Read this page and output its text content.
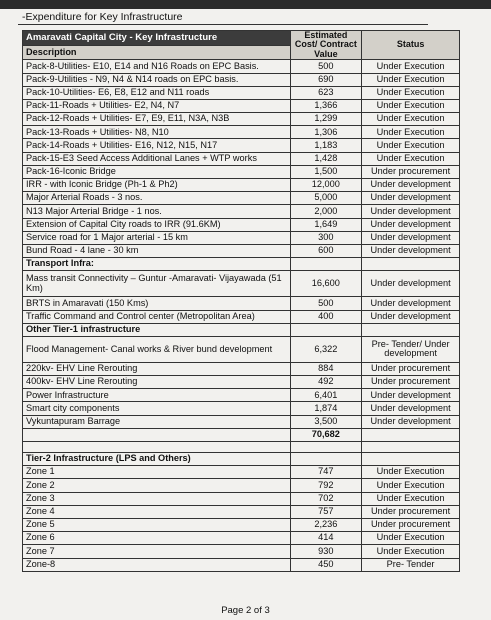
-Expenditure for Key Infrastructure
Amaravati Capital City - Key Infrastructure	Estimated Cost/ Contract Value	Status
Description		
Pack-8-Utilities- E10, E14 and N16 Roads on EPC Basis.	500	Under Execution
Pack-9-Utilities - N9, N4 & N14 roads on EPC basis.	690	Under Execution
Pack-10-Utilities- E6, E8, E12 and N11 roads	623	Under Execution
Pack-11-Roads + Utilities- E2, N4, N7	1,366	Under Execution
Pack-12-Roads + Utilities- E7, E9, E11, N3A, N3B	1,299	Under Execution
Pack-13-Roads + Utilities- N8, N10	1,306	Under Execution
Pack-14-Roads + Utilities- E16, N12, N15, N17	1,183	Under Execution
Pack-15-E3 Seed Access Additional Lanes + WTP works	1,428	Under Execution
Pack-16-Iconic Bridge	1,500	Under procurement
IRR - with Iconic Bridge (Ph-1 & Ph2)	12,000	Under development
Major Arterial Roads - 3 nos.	5,000	Under development
N13 Major Arterial Bridge - 1 nos.	2,000	Under development
Extension of Capital City roads to IRR (91.6KM)	1,649	Under development
Service road for 1 Major arterial - 15 km	300	Under development
Bund Road - 4 lane - 30 km	600	Under development
Transport Infra:		
Mass transit Connectivity – Guntur -Amaravati- Vijayawada (51 Km)	16,600	Under development
BRTS in Amaravati (150 Kms)	500	Under development
Traffic Command and Control center (Metropolitan Area)	400	Under development
Other Tier-1 infrastructure		
Flood Management- Canal works & River bund development	6,322	Pre- Tender/ Under development
220kv- EHV Line Rerouting	884	Under procurement
400kv- EHV Line Rerouting	492	Under procurement
Power Infrastructure	6,401	Under development
Smart city components	1,874	Under development
Vykuntapuram Barrage	3,500	Under development
	70,682	

Tier-2 Infrastructure (LPS and Others)		
Zone 1	747	Under Execution
Zone 2	792	Under Execution
Zone 3	702	Under Execution
Zone 4	757	Under procurement
Zone 5	2,236	Under procurement
Zone 6	414	Under Execution
Zone 7	930	Under Execution
Zone-8	450	Pre- Tender
Page 2 of 3
